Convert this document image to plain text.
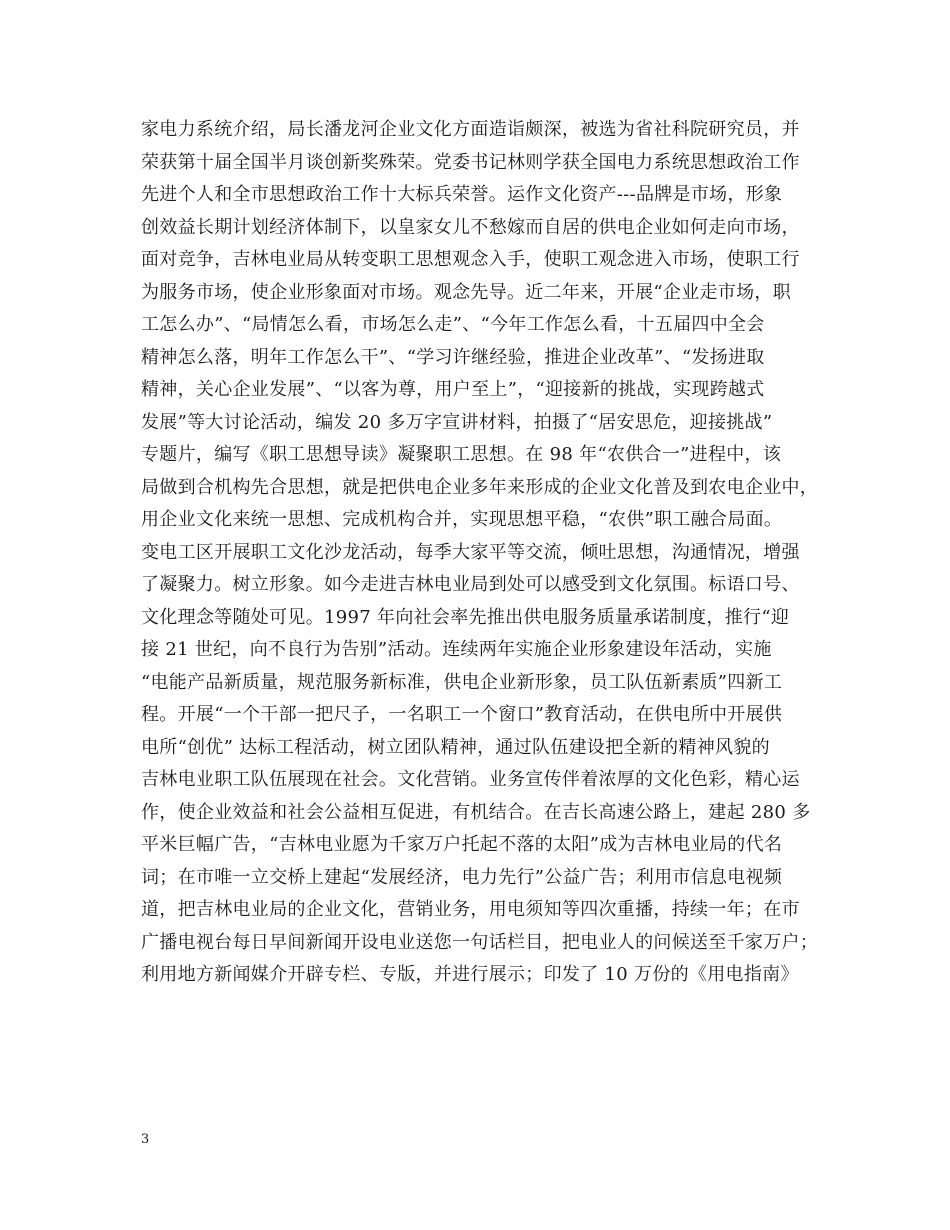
家电力系统介绍，局长潘龙河企业文化方面造诣颇深，被选为省社科院研究员，并
荣获第十届全国半月谈创新奖殊荣。党委书记林则学获全国电力系统思想政治工作
先进个人和全市思想政治工作十大标兵荣誉。运作文化资产---品牌是市场，形象
创效益长期计划经济体制下，以皇家女儿不愁嫁而自居的供电企业如何走向市场，
面对竞争，吉林电业局从转变职工思想观念入手，使职工观念进入市场，使职工行
为服务市场，使企业形象面对市场。观念先导。近二年来，开展“企业走市场，职
工怎么办”、“局情怎么看，市场怎么走”、“今年工作怎么看，十五届四中全会
精神怎么落，明年工作怎么干”、“学习许继经验，推进企业改革”、“发扬进取
精神，关心企业发展”、“以客为尊，用户至上”，“迎接新的挑战，实现跨越式
发展”等大讨论活动，编发 20 多万字宣讲材料，拍摄了“居安思危，迎接挑战”
专题片，编写《职工思想导读》凝聚职工思想。在 98 年“农供合一”进程中，该
局做到合机构先合思想，就是把供电企业多年来形成的企业文化普及到农电企业中，
用企业文化来统一思想、完成机构合并，实现思想平稳，“农供”职工融合局面。
变电工区开展职工文化沙龙活动，每季大家平等交流，倾吐思想，沟通情况，增强
了凝聚力。树立形象。如今走进吉林电业局到处可以感受到文化氛围。标语口号、
文化理念等随处可见。1997 年向社会率先推出供电服务质量承诺制度，推行“迎
接 21 世纪，向不良行为告别”活动。连续两年实施企业形象建设年活动，实施
“电能产品新质量，规范服务新标准，供电企业新形象，员工队伍新素质”四新工
程。开展“一个干部一把尺子，一名职工一个窗口”教育活动，在供电所中开展供
电所“创优” 达标工程活动，树立团队精神，通过队伍建设把全新的精神风貌的
吉林电业职工队伍展现在社会。文化营销。业务宣传伴着浓厚的文化色彩，精心运
作，使企业效益和社会公益相互促进，有机结合。在吉长高速公路上，建起 280 多
平米巨幅广告，“吉林电业愿为千家万户托起不落的太阳”成为吉林电业局的代名
词；在市唯一立交桥上建起“发展经济，电力先行”公益广告；利用市信息电视频
道，把吉林电业局的企业文化，营销业务，用电须知等四次重播，持续一年；在市
广播电视台每日早间新闻开设电业送您一句话栏目，把电业人的问候送至千家万户；
利用地方新闻媒介开辟专栏、专版，并进行展示；印发了 10 万份的《用电指南》
3
